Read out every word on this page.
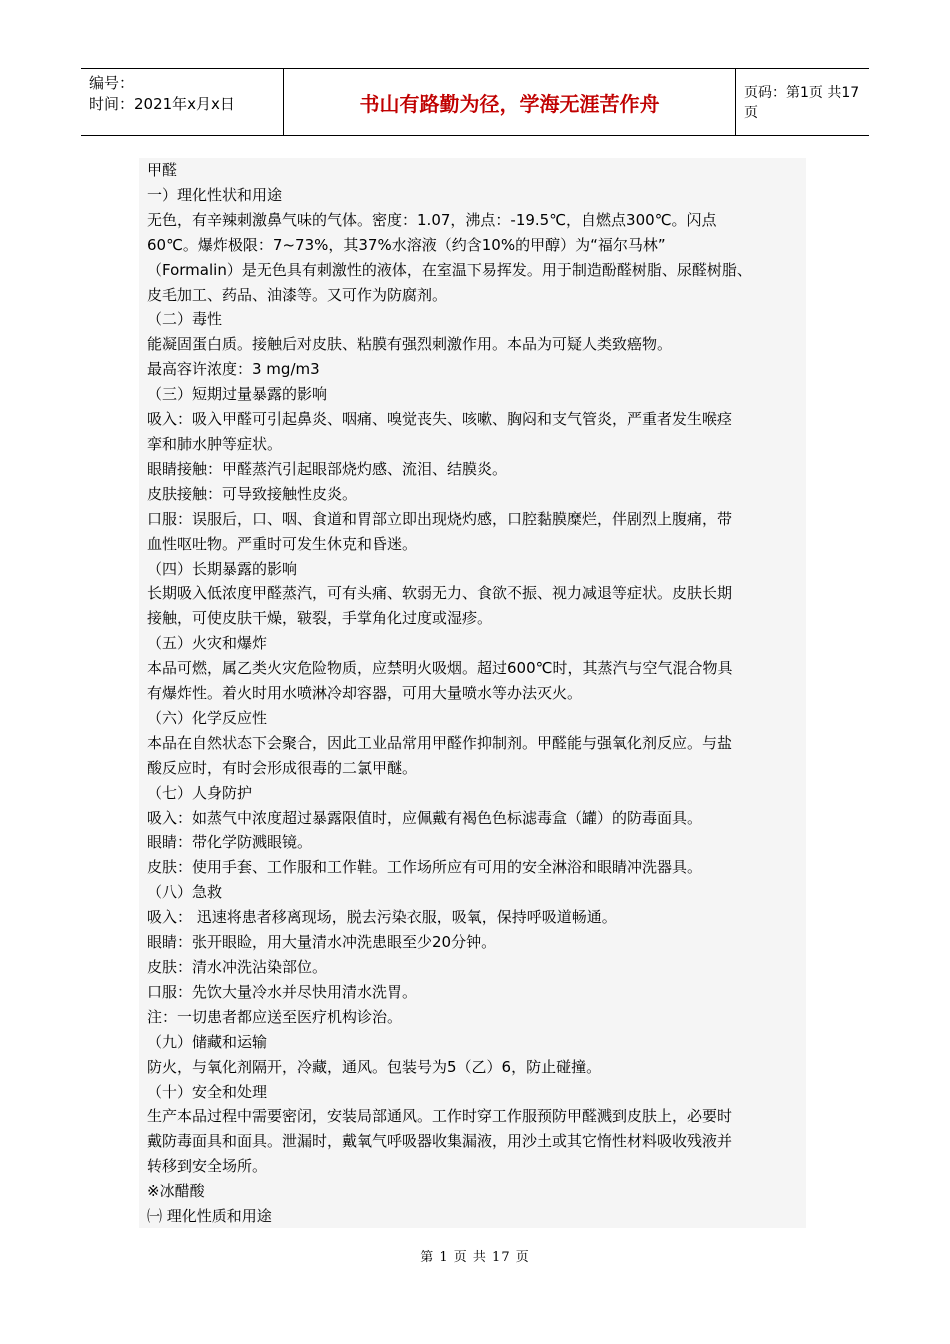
编号：
时间：2021年x月x日	书山有路勤为径，学海无涯苦作舟	页码：第1页 共17页

甲醛

一）理化性状和用途

无色，有辛辣刺激鼻气味的气体。密度：1.07，沸点：-19.5℃，自燃点300℃。闪点

60℃。爆炸极限：7~73%，其37%水溶液（约含10%的甲醇）为“福尔马林”

（Formalin）是无色具有刺激性的液体，在室温下易挥发。用于制造酚醛树脂、尿醛树脂、

皮毛加工、药品、油漆等。又可作为防腐剂。

（二）毒性

能凝固蛋白质。接触后对皮肤、粘膜有强烈刺激作用。本品为可疑人类致癌物。

最高容许浓度：3 mg/m3

（三）短期过量暴露的影响

吸入：吸入甲醛可引起鼻炎、咽痛、嗅觉丧失、咳嗽、胸闷和支气管炎，严重者发生喉痉

挛和肺水肿等症状。

眼睛接触：甲醛蒸汽引起眼部烧灼感、流泪、结膜炎。

皮肤接触：可导致接触性皮炎。

口服：误服后，口、咽、食道和胃部立即出现烧灼感，口腔黏膜糜烂，伴剧烈上腹痛，带

血性呕吐物。严重时可发生休克和昏迷。

（四）长期暴露的影响

长期吸入低浓度甲醛蒸汽，可有头痛、软弱无力、食欲不振、视力减退等症状。皮肤长期

接触，可使皮肤干燥，皲裂，手掌角化过度或湿疹。

（五）火灾和爆炸

本品可燃，属乙类火灾危险物质，应禁明火吸烟。超过600℃时，其蒸汽与空气混合物具

有爆炸性。着火时用水喷淋冷却容器，可用大量喷水等办法灭火。

（六）化学反应性

本品在自然状态下会聚合，因此工业品常用甲醛作抑制剂。甲醛能与强氧化剂反应。与盐

酸反应时，有时会形成很毒的二氯甲醚。

（七）人身防护

吸入：如蒸气中浓度超过暴露限值时，应佩戴有褐色色标滤毒盒（罐）的防毒面具。

眼睛：带化学防溅眼镜。

皮肤：使用手套、工作服和工作鞋。工作场所应有可用的安全淋浴和眼睛冲洗器具。

（八）急救

吸入： 迅速将患者移离现场，脱去污染衣服，吸氧，保持呼吸道畅通。

眼睛：张开眼睑，用大量清水冲洗患眼至少20分钟。

皮肤：清水冲洗沾染部位。

口服：先饮大量冷水并尽快用清水洗胃。

注：一切患者都应送至医疗机构诊治。

（九）储藏和运输

防火，与氧化剂隔开，冷藏，通风。包装号为5（乙）6，防止碰撞。

（十）安全和处理

生产本品过程中需要密闭，安装局部通风。工作时穿工作服预防甲醛溅到皮肤上，必要时

戴防毒面具和面具。泄漏时，戴氧气呼吸器收集漏液，用沙土或其它惰性材料吸收残液并

转移到安全场所。

※冰醋酸

㈠ 理化性质和用途

第 1 页 共 17 页
